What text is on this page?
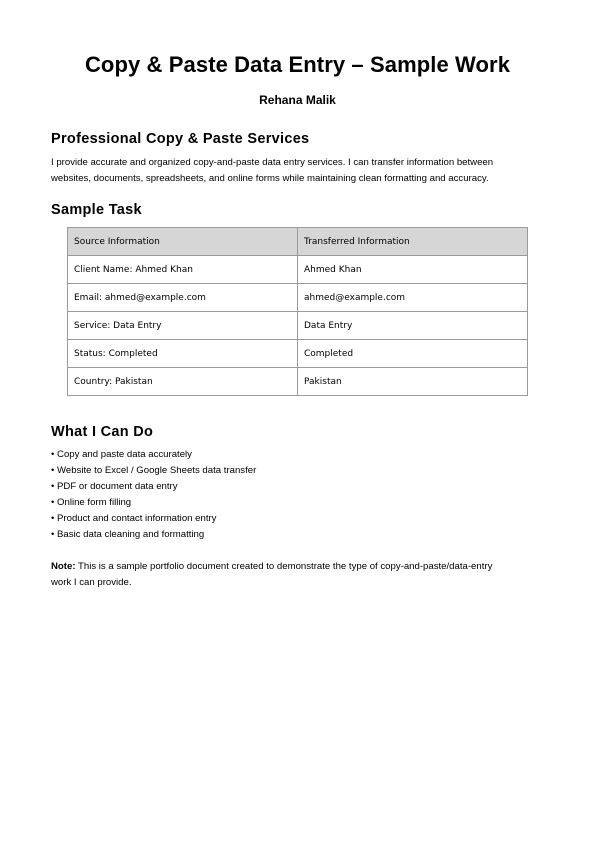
Copy & Paste Data Entry – Sample Work
Rehana Malik
Professional Copy & Paste Services

I provide accurate and organized copy-and-paste data entry services. I can transfer information between

websites, documents, spreadsheets, and online forms while maintaining clean formatting and accuracy.

Sample Task
Source Information	Transferred Information
Client Name: Ahmed Khan	Ahmed Khan
Email: ahmed@example.com	ahmed@example.com
Service: Data Entry	Data Entry
Status: Completed	Completed
Country: Pakistan	Pakistan
What I Can Do
• Copy and paste data accurately
• Website to Excel / Google Sheets data transfer
• PDF or document data entry
• Online form filling
• Product and contact information entry
• Basic data cleaning and formatting
Note: This is a sample portfolio document created to demonstrate the type of copy-and-paste/data-entry
work I can provide.
